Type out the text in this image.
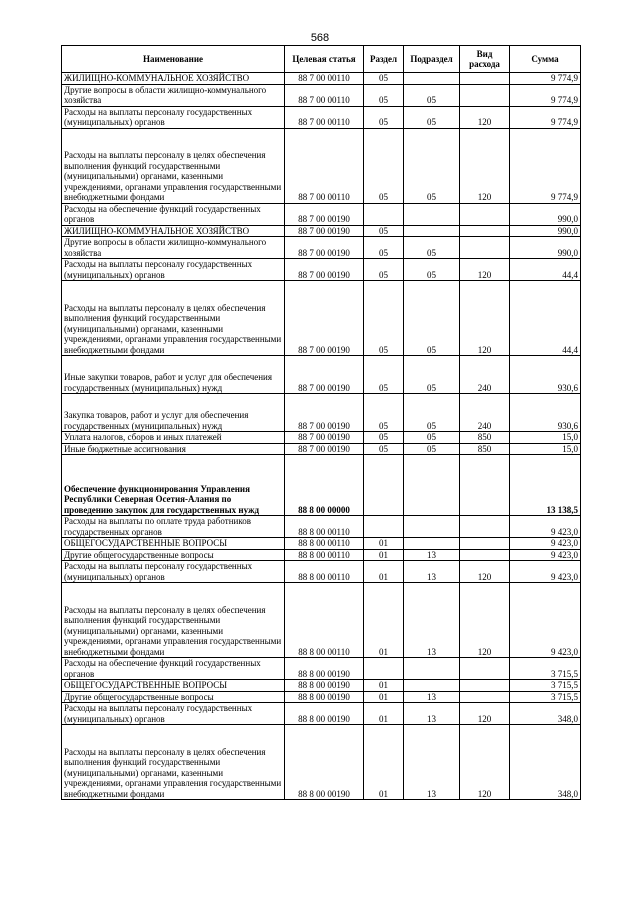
568
Наименование	Целевая статья	Раздел	Подраздел	Вид расхода	Сумма
ЖИЛИЩНО-КОММУНАЛЬНОЕ ХОЗЯЙСТВО	88 7 00 00110	05			9 774,9
Другие вопросы в области жилищно-коммунального хозяйства	88 7 00 00110	05	05		9 774,9
Расходы на выплаты персоналу государственных (муниципальных) органов	88 7 00 00110	05	05	120	9 774,9
Расходы на выплаты персоналу в целях обеспечения выполнения функций государственными (муниципальными) органами, казенными учреждениями, органами управления государственными внебюджетными фондами	88 7 00 00110	05	05	120	9 774,9
Расходы на обеспечение функций государственных органов	88 7 00 00190				990,0
ЖИЛИЩНО-КОММУНАЛЬНОЕ ХОЗЯЙСТВО	88 7 00 00190	05			990,0
Другие вопросы в области жилищно-коммунального хозяйства	88 7 00 00190	05	05		990,0
Расходы на выплаты персоналу государственных (муниципальных) органов	88 7 00 00190	05	05	120	44,4
Расходы на выплаты персоналу в целях обеспечения выполнения функций государственными (муниципальными) органами, казенными учреждениями, органами управления государственными внебюджетными фондами	88 7 00 00190	05	05	120	44,4
Иные закупки товаров, работ и услуг для обеспечения государственных (муниципальных) нужд	88 7 00 00190	05	05	240	930,6
Закупка товаров, работ и услуг для обеспечения государственных (муниципальных) нужд	88 7 00 00190	05	05	240	930,6
Уплата налогов, сборов и иных платежей	88 7 00 00190	05	05	850	15,0
Иные бюджетные ассигнования	88 7 00 00190	05	05	850	15,0
Обеспечение функционирования Управления Республики Северная Осетия-Алания по проведению закупок для государственных нужд	88 8 00 00000				13 138,5
Расходы на выплаты по оплате труда работников государственных органов	88 8 00 00110				9 423,0
ОБЩЕГОСУДАРСТВЕННЫЕ ВОПРОСЫ	88 8 00 00110	01			9 423,0
Другие общегосударственные вопросы	88 8 00 00110	01	13		9 423,0
Расходы на выплаты персоналу государственных (муниципальных) органов	88 8 00 00110	01	13	120	9 423,0
Расходы на выплаты персоналу в целях обеспечения выполнения функций государственными (муниципальными) органами, казенными учреждениями, органами управления государственными внебюджетными фондами	88 8 00 00110	01	13	120	9 423,0
Расходы на обеспечение функций государственных органов	88 8 00 00190				3 715,5
ОБЩЕГОСУДАРСТВЕННЫЕ ВОПРОСЫ	88 8 00 00190	01			3 715,5
Другие общегосударственные вопросы	88 8 00 00190	01	13		3 715,5
Расходы на выплаты персоналу государственных (муниципальных) органов	88 8 00 00190	01	13	120	348,0
Расходы на выплаты персоналу в целях обеспечения выполнения функций государственными (муниципальными) органами, казенными учреждениями, органами управления государственными внебюджетными фондами	88 8 00 00190	01	13	120	348,0
